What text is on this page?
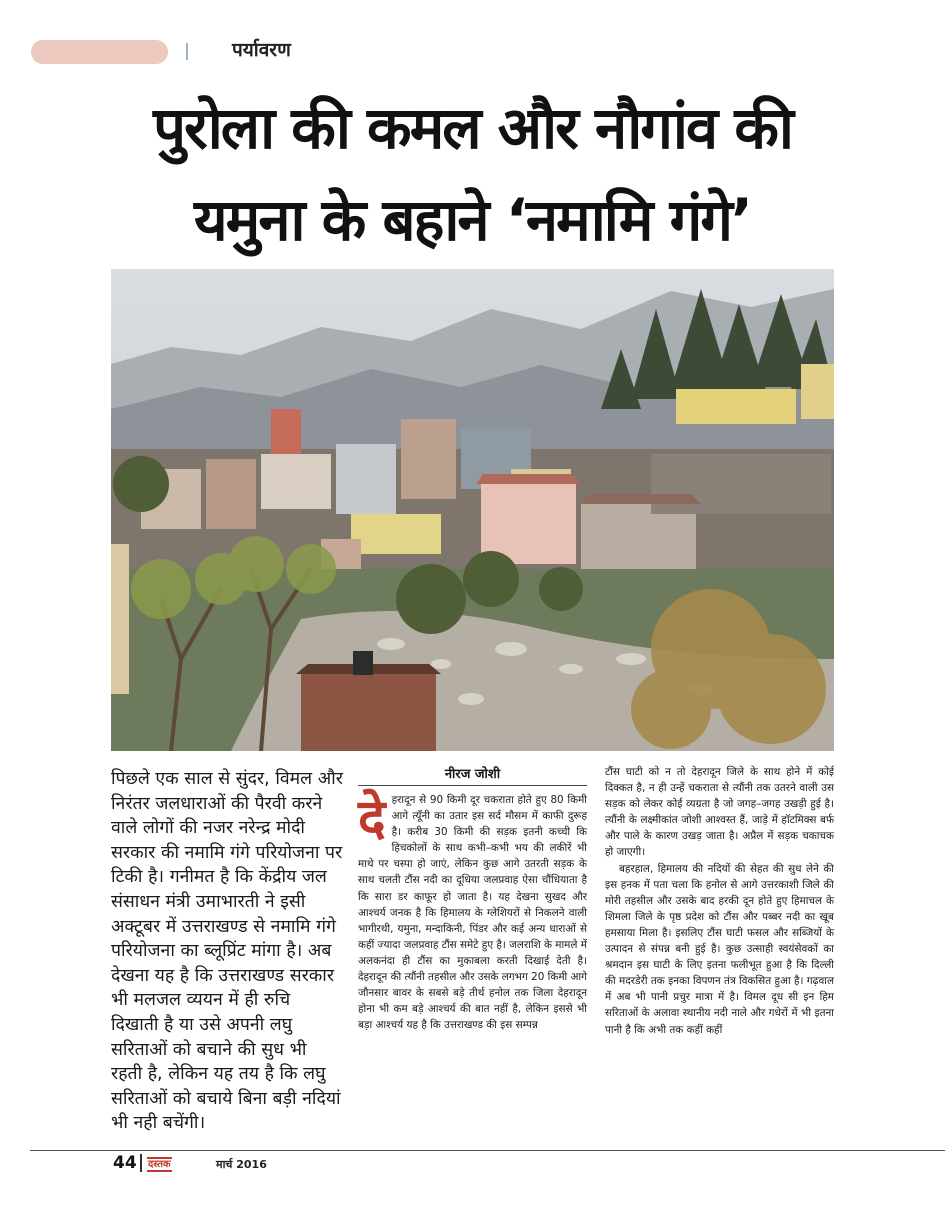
पर्यावरण
पुरोला की कमल और नौगांव की
यमुना के बहाने ‘नमामि गंगे’

पिछले एक साल से सुंदर, विमल और निरंतर जलधाराओं की पैरवी करने वाले लोगों की नजर नरेन्द्र मोदी सरकार की नमामि गंगे परियोजना पर टिकी है। गनीमत है कि केंद्रीय जल संसाधन मंत्री उमाभारती ने इसी अक्टूबर में उत्तराखण्ड से नमामि गंगे परियोजना का ब्लूप्रिंट मांगा है। अब देखना यह है कि उत्तराखण्ड सरकार भी मलजल व्ययन में ही रुचि दिखाती है या उसे अपनी लघु सरिताओं को बचाने की सुध भी रहती है, लेकिन यह तय है कि लघु सरिताओं को बचाये बिना बड़ी नदियां भी नही बचेंगी।

नीरज जोशी

देहरादून से 90 किमी दूर चकराता होते हुए 80 किमी आगे त्यूँनी का उतार इस सर्द मौसम में काफी दुरूह है। करीब 30 किमी की सड़क इतनी कच्ची कि हिचकोलों के साथ कभी–कभी भय की लकीरें भी माथे पर चस्पा हो जाएं, लेकिन कुछ आगे उतरती सड़क के साथ चलती टौंस नदी का दूधिया जलप्रवाह ऐसा चौंधियाता है कि सारा डर काफूर हो जाता है। यह देखना सुखद और आश्चर्य जनक है कि हिमालय के ग्लेशियरों से निकलने वाली भागीरथी, यमुना, मन्दाकिनी, पिंडर और कई अन्य धाराओं से कहीं ज्यादा जलप्रवाह टौंस समेटे हुए है। जलराशि के मामले में अलकनंदा ही टौंस का मुकाबला करती दिखाई देती है। देहरादून की त्यौंनी तहसील और उसके लगभग 20 किमी आगे जौनसार बावर के सबसे बड़े तीर्थ हनोल तक जिला देहरादून होना भी कम बड़े आश्चर्य की बात नहीं है, लेकिन इससे भी बड़ा आश्चर्य यह है कि उत्तराखण्ड की इस सम्पन्न

टौंस घाटी को न तो देहरादून जिले के साथ होने में कोई दिक्कत है, न ही उन्हें चकराता से त्यौंनी तक उतरने वाली उस सड़क को लेकर कोई व्यग्रता है जो जगह–जगह उखड़ी हुई है। त्यौंनी के लक्ष्मीकांत जोशी आश्वस्त हैं, जाड़े में हॉटमिक्स बर्फ और पाले के कारण उखड़ जाता है। अप्रैल में सड़क चकाचक हो जाएगी।

बहरहाल, हिमालय की नदियों की सेहत की सुध लेने की इस हनक में पता चला कि हनोल से आगे उत्तरकाशी जिले की मोरी तहसील और उसके बाद हरकी दून होते हुए हिमाचल के शिमला जिले के पृष्ठ प्रदेश को टौंस और पब्बर नदी का खूब हमसाया मिला है। इसलिए टौंस घाटी फसल और सब्जियों के उत्पादन से संपन्न बनी हुई है। कुछ उत्साही स्वयंसेवकों का श्रमदान इस घाटी के लिए इतना फलीभूत हुआ है कि दिल्ली की मदरडेरी तक इनका विपणन तंत्र विकसित हुआ है। गढ़वाल में अब भी पानी प्रचुर मात्रा में है। विमल दूध सी इन हिम सरिताओं के अलावा स्थानीय नदी नाले और गधेरों में भी इतना पानी है कि अभी तक कहीं कहीं

44 दस्तक	मार्च 2016
